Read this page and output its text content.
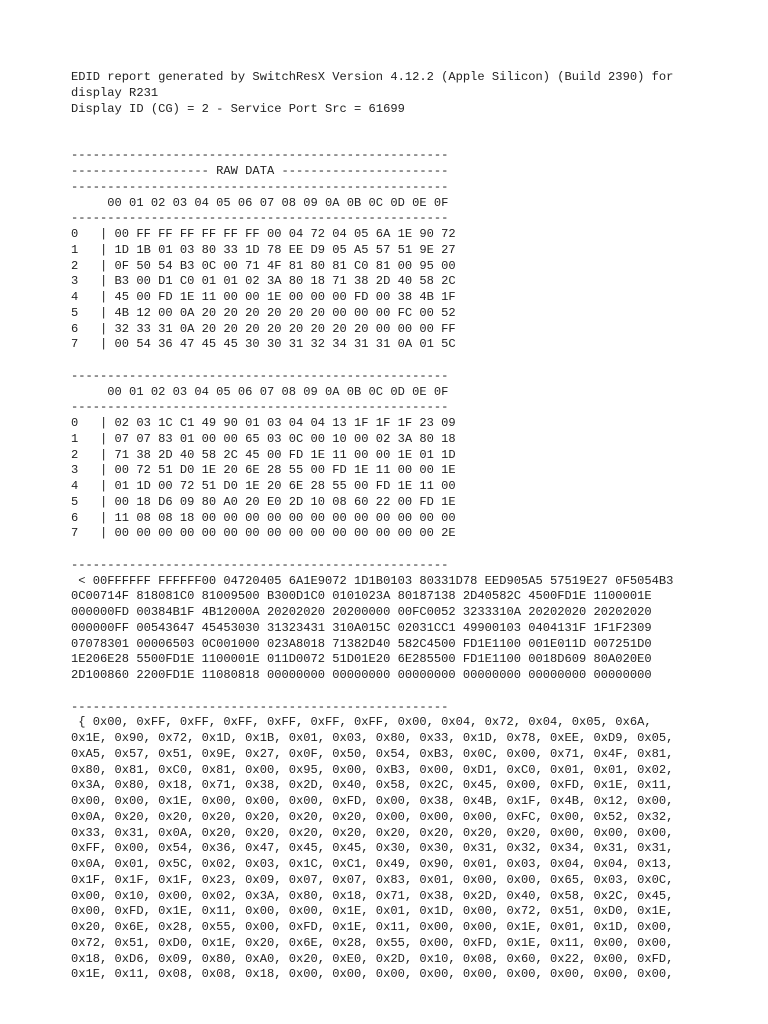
EDID report generated by SwitchResX Version 4.12.2 (Apple Silicon) (Build 2390) for
display R231
Display ID (CG) = 2 - Service Port Src = 61699
----------------------------------------------------
------------------- RAW DATA -----------------------
----------------------------------------------------
00 01 02 03 04 05 06 07 08 09 0A 0B 0C 0D 0E 0F
----------------------------------------------------
0   | 00 FF FF FF FF FF FF 00 04 72 04 05 6A 1E 90 72
1   | 1D 1B 01 03 80 33 1D 78 EE D9 05 A5 57 51 9E 27
2   | 0F 50 54 B3 0C 00 71 4F 81 80 81 C0 81 00 95 00
3   | B3 00 D1 C0 01 01 02 3A 80 18 71 38 2D 40 58 2C
4   | 45 00 FD 1E 11 00 00 1E 00 00 00 FD 00 38 4B 1F
5   | 4B 12 00 0A 20 20 20 20 20 20 00 00 00 FC 00 52
6   | 32 33 31 0A 20 20 20 20 20 20 20 20 00 00 00 FF
7   | 00 54 36 47 45 45 30 30 31 32 34 31 31 0A 01 5C
----------------------------------------------------
00 01 02 03 04 05 06 07 08 09 0A 0B 0C 0D 0E 0F
----------------------------------------------------
0   | 02 03 1C C1 49 90 01 03 04 04 13 1F 1F 1F 23 09
1   | 07 07 83 01 00 00 65 03 0C 00 10 00 02 3A 80 18
2   | 71 38 2D 40 58 2C 45 00 FD 1E 11 00 00 1E 01 1D
3   | 00 72 51 D0 1E 20 6E 28 55 00 FD 1E 11 00 00 1E
4   | 01 1D 00 72 51 D0 1E 20 6E 28 55 00 FD 1E 11 00
5   | 00 18 D6 09 80 A0 20 E0 2D 10 08 60 22 00 FD 1E
6   | 11 08 08 18 00 00 00 00 00 00 00 00 00 00 00 00
7   | 00 00 00 00 00 00 00 00 00 00 00 00 00 00 00 2E
----------------------------------------------------
< 00FFFFFF FFFFFF00 04720405 6A1E9072 1D1B0103 80331D78 EED905A5 57519E27 0F5054B3
0C00714F 818081C0 81009500 B300D1C0 0101023A 80187138 2D40582C 4500FD1E 1100001E
000000FD 00384B1F 4B12000A 20202020 20200000 00FC0052 3233310A 20202020 20202020
000000FF 00543647 45453030 31323431 310A015C 02031CC1 49900103 0404131F 1F1F2309
07078301 00006503 0C001000 023A8018 71382D40 582C4500 FD1E1100 001E011D 007251D0
1E206E28 5500FD1E 1100001E 011D0072 51D01E20 6E285500 FD1E1100 0018D609 80A020E0
2D100860 2200FD1E 11080818 00000000 00000000 00000000 00000000 00000000 00000000
----------------------------------------------------
{ 0x00, 0xFF, 0xFF, 0xFF, 0xFF, 0xFF, 0xFF, 0x00, 0x04, 0x72, 0x04, 0x05, 0x6A,
0x1E, 0x90, 0x72, 0x1D, 0x1B, 0x01, 0x03, 0x80, 0x33, 0x1D, 0x78, 0xEE, 0xD9, 0x05,
0xA5, 0x57, 0x51, 0x9E, 0x27, 0x0F, 0x50, 0x54, 0xB3, 0x0C, 0x00, 0x71, 0x4F, 0x81,
0x80, 0x81, 0xC0, 0x81, 0x00, 0x95, 0x00, 0xB3, 0x00, 0xD1, 0xC0, 0x01, 0x01, 0x02,
0x3A, 0x80, 0x18, 0x71, 0x38, 0x2D, 0x40, 0x58, 0x2C, 0x45, 0x00, 0xFD, 0x1E, 0x11,
0x00, 0x00, 0x1E, 0x00, 0x00, 0x00, 0xFD, 0x00, 0x38, 0x4B, 0x1F, 0x4B, 0x12, 0x00,
0x0A, 0x20, 0x20, 0x20, 0x20, 0x20, 0x20, 0x00, 0x00, 0x00, 0xFC, 0x00, 0x52, 0x32,
0x33, 0x31, 0x0A, 0x20, 0x20, 0x20, 0x20, 0x20, 0x20, 0x20, 0x20, 0x00, 0x00, 0x00,
0xFF, 0x00, 0x54, 0x36, 0x47, 0x45, 0x45, 0x30, 0x30, 0x31, 0x32, 0x34, 0x31, 0x31,
0x0A, 0x01, 0x5C, 0x02, 0x03, 0x1C, 0xC1, 0x49, 0x90, 0x01, 0x03, 0x04, 0x04, 0x13,
0x1F, 0x1F, 0x1F, 0x23, 0x09, 0x07, 0x07, 0x83, 0x01, 0x00, 0x00, 0x65, 0x03, 0x0C,
0x00, 0x10, 0x00, 0x02, 0x3A, 0x80, 0x18, 0x71, 0x38, 0x2D, 0x40, 0x58, 0x2C, 0x45,
0x00, 0xFD, 0x1E, 0x11, 0x00, 0x00, 0x1E, 0x01, 0x1D, 0x00, 0x72, 0x51, 0xD0, 0x1E,
0x20, 0x6E, 0x28, 0x55, 0x00, 0xFD, 0x1E, 0x11, 0x00, 0x00, 0x1E, 0x01, 0x1D, 0x00,
0x72, 0x51, 0xD0, 0x1E, 0x20, 0x6E, 0x28, 0x55, 0x00, 0xFD, 0x1E, 0x11, 0x00, 0x00,
0x18, 0xD6, 0x09, 0x80, 0xA0, 0x20, 0xE0, 0x2D, 0x10, 0x08, 0x60, 0x22, 0x00, 0xFD,
0x1E, 0x11, 0x08, 0x08, 0x18, 0x00, 0x00, 0x00, 0x00, 0x00, 0x00, 0x00, 0x00, 0x00,
